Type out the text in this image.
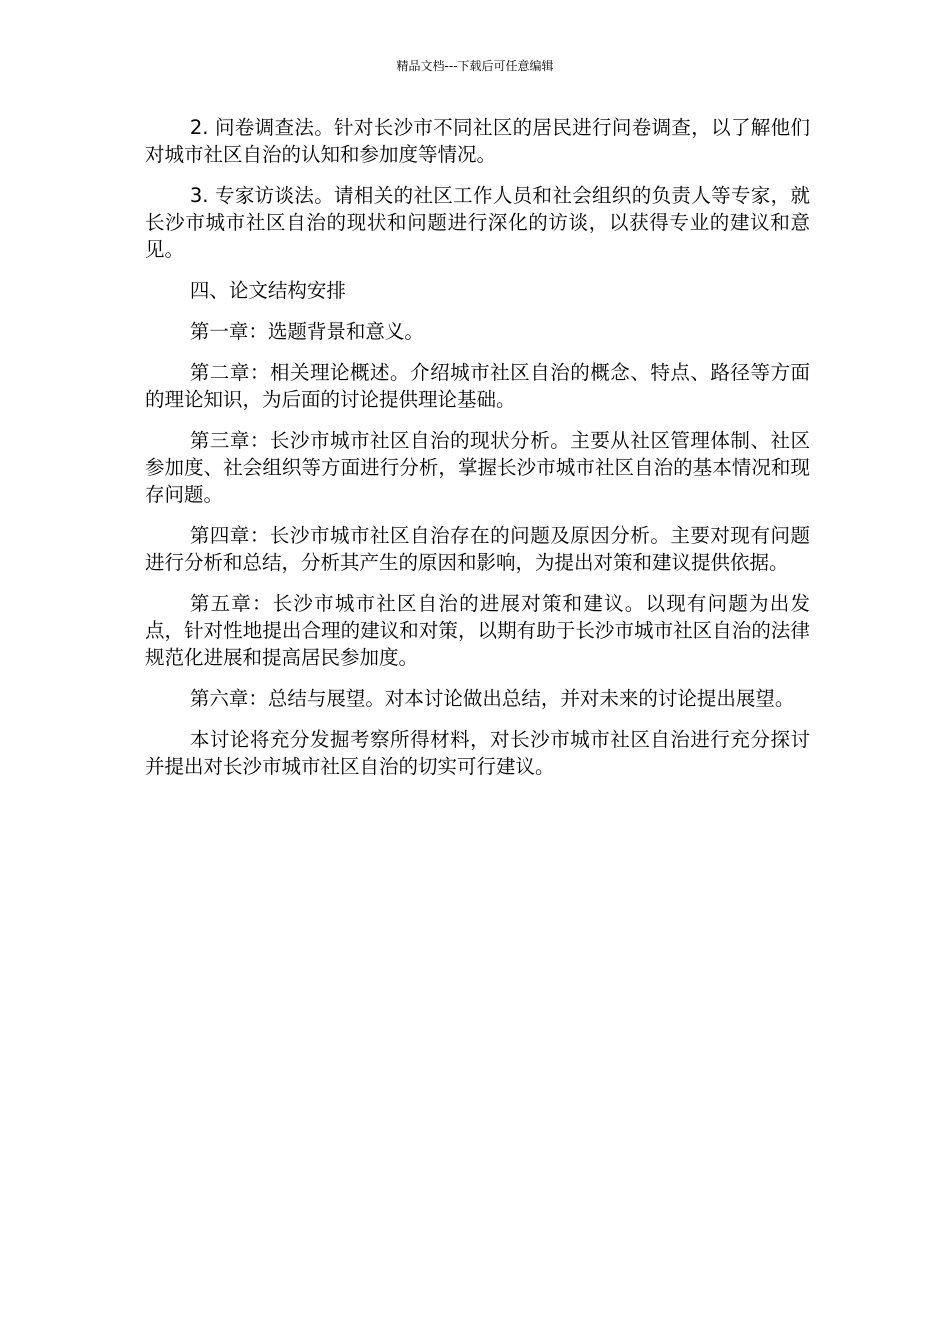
精品文档---下载后可任意编辑

2. 问卷调查法。针对长沙市不同社区的居民进行问卷调查，以了解他们对城市社区自治的认知和参加度等情况。

3. 专家访谈法。请相关的社区工作人员和社会组织的负责人等专家，就长沙市城市社区自治的现状和问题进行深化的访谈，以获得专业的建议和意见。

四、论文结构安排

第一章：选题背景和意义。

第二章：相关理论概述。介绍城市社区自治的概念、特点、路径等方面的理论知识，为后面的讨论提供理论基础。

第三章：长沙市城市社区自治的现状分析。主要从社区管理体制、社区参加度、社会组织等方面进行分析，掌握长沙市城市社区自治的基本情况和现存问题。

第四章：长沙市城市社区自治存在的问题及原因分析。主要对现有问题进行分析和总结，分析其产生的原因和影响，为提出对策和建议提供依据。

第五章：长沙市城市社区自治的进展对策和建议。以现有问题为出发点，针对性地提出合理的建议和对策，以期有助于长沙市城市社区自治的法律规范化进展和提高居民参加度。

第六章：总结与展望。对本讨论做出总结，并对未来的讨论提出展望。

本讨论将充分发掘考察所得材料，对长沙市城市社区自治进行充分探讨并提出对长沙市城市社区自治的切实可行建议。
